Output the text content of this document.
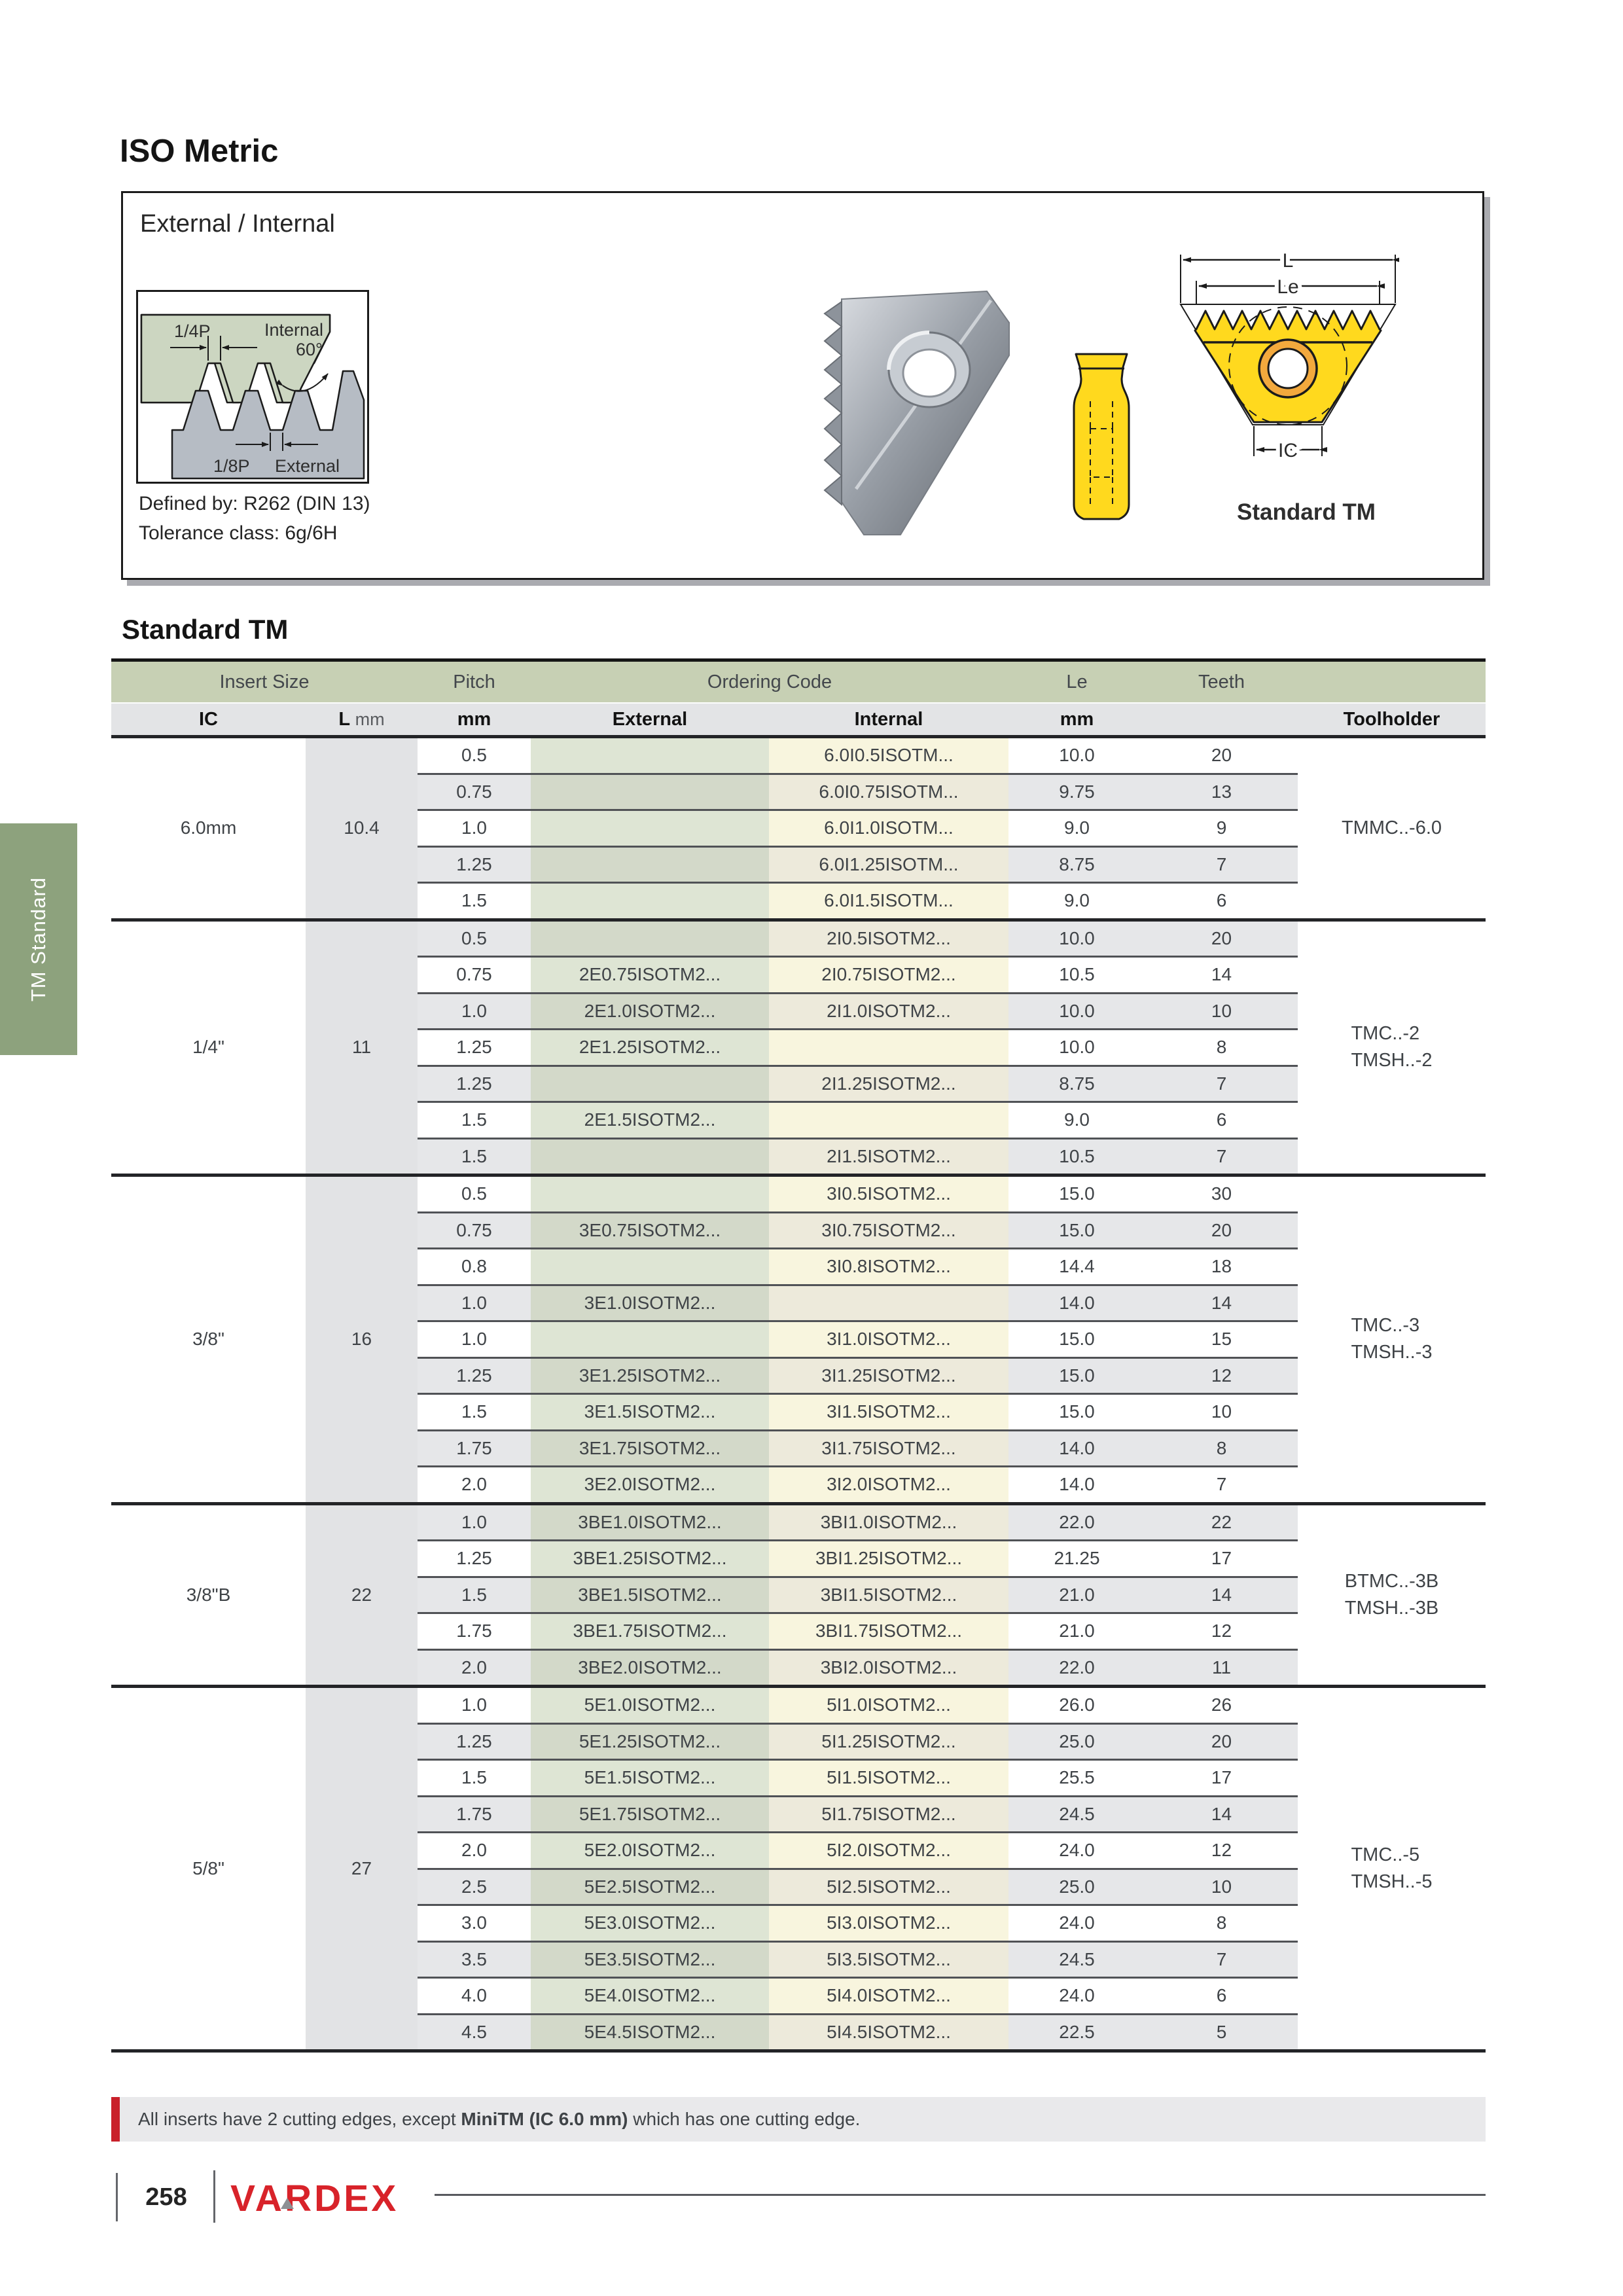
TM Standard
ISO Metric
External / Internal
1/4P	Internal
60°
1/8P External
Defined by: R262 (DIN 13)
Tolerance class: 6g/6H
L
Le
IC
Standard TM
Standard TM
Insert Size		Pitch	Ordering Code		Le	Teeth	
IC	L mm	mm	External	Internal	mm		Toolholder
6.0mm	10.4	0.5		6.0I0.5ISOTM...	10.0	20	TMMC..-6.0

		0.75		6.0I0.75ISOTM...	9.75	13	
		1.0		6.0I1.0ISOTM...	9.0	9	
		1.25		6.0I1.25ISOTM...	8.75	7	
		1.5		6.0I1.5ISOTM...	9.0	6	
1/4"	11	0.5		2I0.5ISOTM2...	10.0	20	TMC..-2
TMSH..-2

		0.75	2E0.75ISOTM2...	2I0.75ISOTM2...	10.5	14	
		1.0	2E1.0ISOTM2...	2I1.0ISOTM2...	10.0	10	
		1.25	2E1.25ISOTM2...		10.0	8	
		1.25		2I1.25ISOTM2...	8.75	7	
		1.5	2E1.5ISOTM2...		9.0	6	
		1.5		2I1.5ISOTM2...	10.5	7	
3/8"	16	0.5		3I0.5ISOTM2...	15.0	30	TMC..-3
TMSH..-3

		0.75	3E0.75ISOTM2...	3I0.75ISOTM2...	15.0	20	
		0.8		3I0.8ISOTM2...	14.4	18	
		1.0	3E1.0ISOTM2...		14.0	14	
		1.0		3I1.0ISOTM2...	15.0	15	
		1.25	3E1.25ISOTM2...	3I1.25ISOTM2...	15.0	12	
		1.5	3E1.5ISOTM2...	3I1.5ISOTM2...	15.0	10	
		1.75	3E1.75ISOTM2...	3I1.75ISOTM2...	14.0	8	
		2.0	3E2.0ISOTM2...	3I2.0ISOTM2...	14.0	7	
3/8"B	22	1.0	3BE1.0ISOTM2...	3BI1.0ISOTM2...	22.0	22	BTMC..-3B
TMSH..-3B

		1.25	3BE1.25ISOTM2...	3BI1.25ISOTM2...	21.25	17	
		1.5	3BE1.5ISOTM2...	3BI1.5ISOTM2...	21.0	14	
		1.75	3BE1.75ISOTM2...	3BI1.75ISOTM2...	21.0	12	
		2.0	3BE2.0ISOTM2...	3BI2.0ISOTM2...	22.0	11	
5/8"	27	1.0	5E1.0ISOTM2...	5I1.0ISOTM2...	26.0	26	TMC..-5
TMSH..-5

		1.25	5E1.25ISOTM2...	5I1.25ISOTM2...	25.0	20	
		1.5	5E1.5ISOTM2...	5I1.5ISOTM2...	25.5	17	
		1.75	5E1.75ISOTM2...	5I1.75ISOTM2...	24.5	14	
		2.0	5E2.0ISOTM2...	5I2.0ISOTM2...	24.0	12	
		2.5	5E2.5ISOTM2...	5I2.5ISOTM2...	25.0	10	
		3.0	5E3.0ISOTM2...	5I3.0ISOTM2...	24.0	8	
		3.5	5E3.5ISOTM2...	5I3.5ISOTM2...	24.5	7	
		4.0	5E4.0ISOTM2...	5I4.0ISOTM2...	24.0	6	
		4.5	5E4.5ISOTM2...	5I4.5ISOTM2...	22.5	5	
All inserts have 2 cutting edges, except MiniTM (IC 6.0 mm) which has one cutting edge.
258	VARDEX
